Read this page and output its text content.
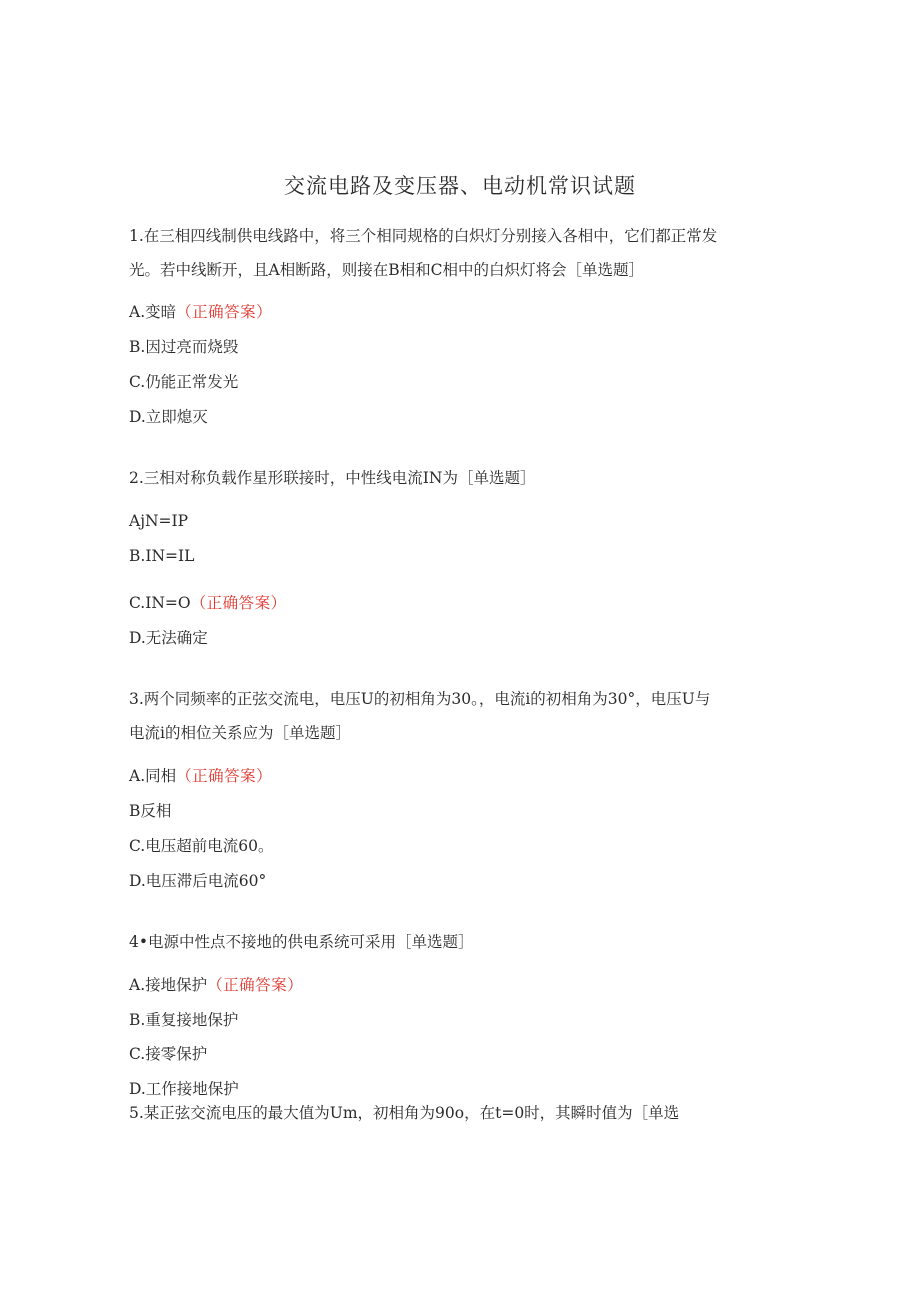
交流电路及变压器、电动机常识试题
1.在三相四线制供电线路中，将三个相同规格的白炽灯分别接入各相中，它们都正常发
光。若中线断开，且A相断路，则接在B相和C相中的白炽灯将会［单选题］
A.变暗（正确答案）
B.因过亮而烧毁
C.仍能正常发光
D.立即熄灭
2.三相对称负载作星形联接时，中性线电流IN为［单选题］
AjN=IP
B.IN=IL
C.IN=O（正确答案）
D.无法确定
3.两个同频率的正弦交流电，电压U的初相角为30。，电流i的初相角为30°，电压U与
电流i的相位关系应为［单选题］
A.同相（正确答案）
B反相
C.电压超前电流60。
D.电压滞后电流60°
4•电源中性点不接地的供电系统可采用［单选题］
A.接地保护（正确答案）
B.重复接地保护
C.接零保护
D.工作接地保护
5.某正弦交流电压的最大值为Um，初相角为90o，在t=0时，其瞬时值为［单选
